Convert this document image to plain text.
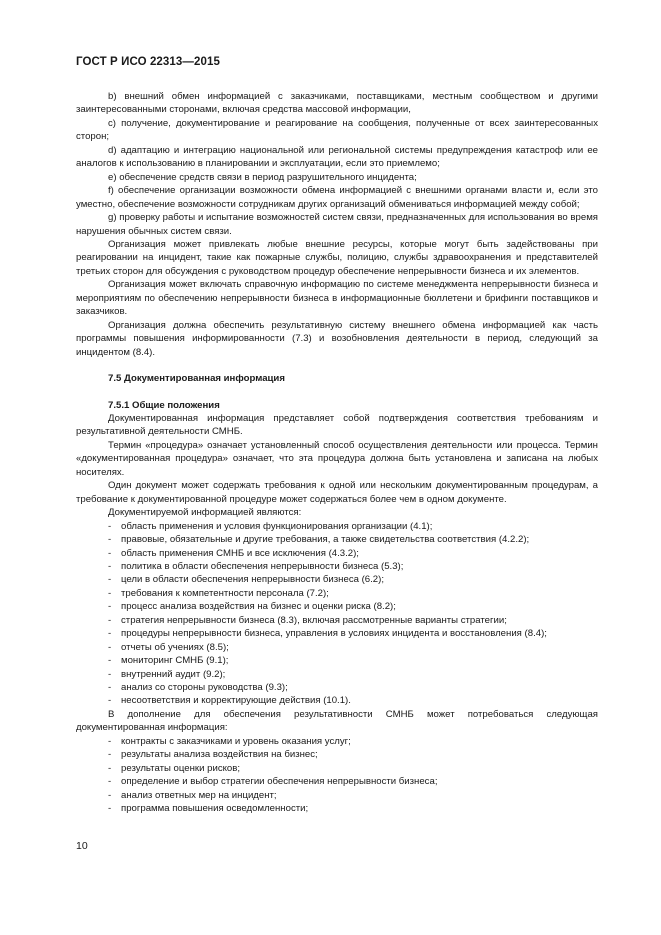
ГОСТ Р ИСО 22313—2015

b) внешний обмен информацией с заказчиками, поставщиками, местным сообществом и другими заинтересованными сторонами, включая средства массовой информации,

c) получение, документирование и реагирование на сообщения, полученные от всех заинтересованных сторон;

d) адаптацию и интеграцию национальной или региональной системы предупреждения катастроф или ее аналогов к использованию в планировании и эксплуатации, если это приемлемо;

e) обеспечение средств связи в период разрушительного инцидента;

f) обеспечение организации возможности обмена информацией с внешними органами власти и, если это уместно, обеспечение возможности сотрудникам других организаций обмениваться информацией между собой;

g) проверку работы и испытание возможностей систем связи, предназначенных для использования во время нарушения обычных систем связи.

Организация может привлекать любые внешние ресурсы, которые могут быть задействованы при реагировании на инцидент, такие как пожарные службы, полицию, службы здравоохранения и представителей третьих сторон для обсуждения с руководством процедур обеспечение непрерывности бизнеса и их элементов.

Организация может включать справочную информацию по системе менеджмента непрерывности бизнеса и мероприятиям по обеспечению непрерывности бизнеса в информационные бюллетени и брифинги поставщиков и заказчиков.

Организация должна обеспечить результативную систему внешнего обмена информацией как часть программы повышения информированности (7.3) и возобновления деятельности в период, следующий за инцидентом (8.4).

7.5 Документированная информация

7.5.1 Общие положения

Документированная информация представляет собой подтверждения соответствия требованиям и результативной деятельности СМНБ.

Термин «процедура» означает установленный способ осуществления деятельности или процесса. Термин «документированная процедура» означает, что эта процедура должна быть установлена и записана на любых носителях.

Один документ может содержать требования к одной или нескольким документированным процедурам, а требование к документированной процедуре может содержаться более чем в одном документе.

Документируемой информацией являются:

- область применения и условия функционирования организации (4.1);

- правовые, обязательные и другие требования, а также свидетельства соответствия (4.2.2);

- область применения СМНБ и все исключения (4.3.2);

- политика в области обеспечения непрерывности бизнеса (5.3);

- цели в области обеспечения непрерывности бизнеса (6.2);

- требования к компетентности персонала (7.2);

- процесс анализа воздействия на бизнес и оценки риска (8.2);

- стратегия непрерывности бизнеса (8.3), включая рассмотренные варианты стратегии;

- процедуры непрерывности бизнеса, управления в условиях инцидента и восстановления (8.4);

- отчеты об учениях (8.5);

- мониторинг СМНБ (9.1);

- внутренний аудит (9.2);

- анализ со стороны руководства (9.3);

- несоответствия и корректирующие действия (10.1).

В дополнение для обеспечения результативности СМНБ может потребоваться следующая документированная информация:

- контракты с заказчиками и уровень оказания услуг;

- результаты анализа воздействия на бизнес;

- результаты оценки рисков;

- определение и выбор стратегии обеспечения непрерывности бизнеса;

- анализ ответных мер на инцидент;

- программа повышения осведомленности;

10
